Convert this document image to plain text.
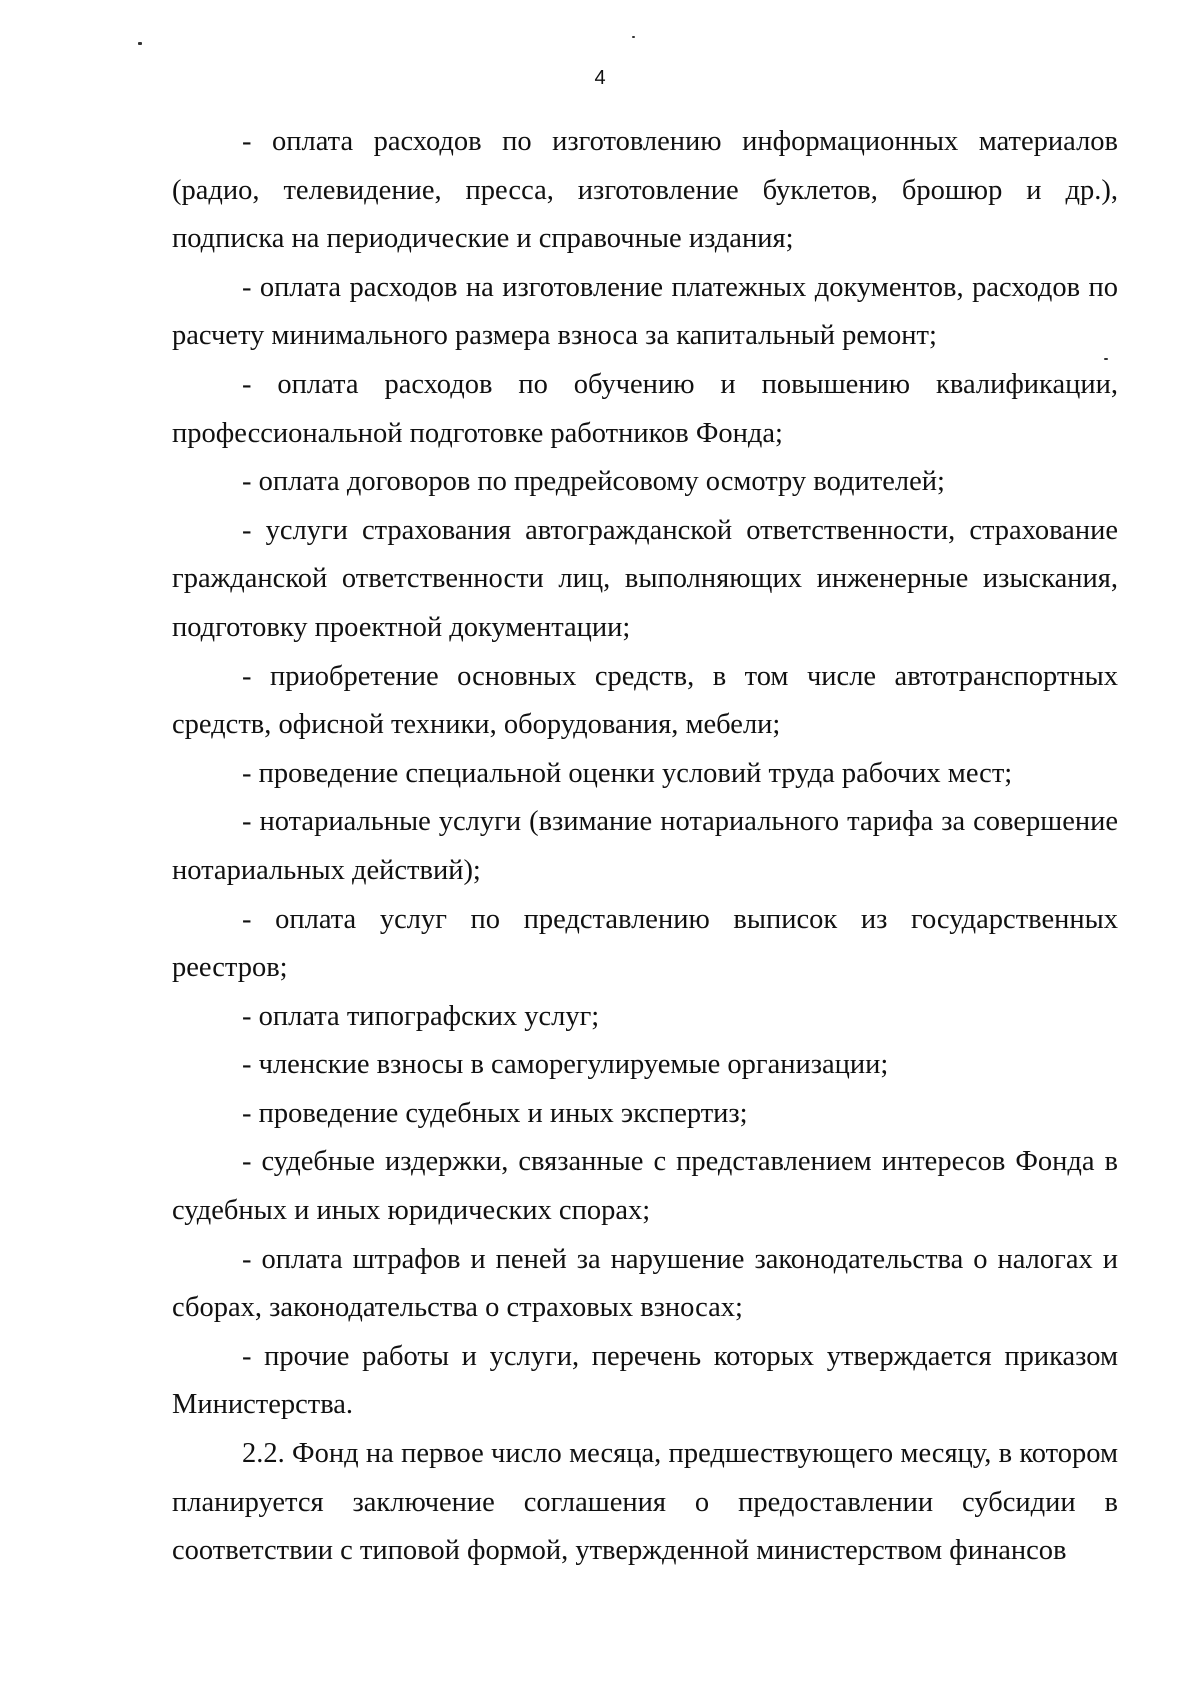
4

- оплата расходов по изготовлению информационных материалов (радио, телевидение, пресса, изготовление буклетов, брошюр и др.), подписка на периодические и справочные издания;

- оплата расходов на изготовление платежных документов, расходов по расчету минимального размера взноса за капитальный ремонт;

- оплата расходов по обучению и повышению квалификации, профессиональной подготовке работников Фонда;

- оплата договоров по предрейсовому осмотру водителей;

- услуги страхования автогражданской ответственности, страхование гражданской ответственности лиц, выполняющих инженерные изыскания, подготовку проектной документации;

- приобретение основных средств, в том числе автотранспортных средств, офисной техники, оборудования, мебели;

- проведение специальной оценки условий труда рабочих мест;

- нотариальные услуги (взимание нотариального тарифа за совершение нотариальных действий);

- оплата услуг по представлению выписок из государственных реестров;

- оплата типографских услуг;

- членские взносы в саморегулируемые организации;

- проведение судебных и иных экспертиз;

- судебные издержки, связанные с представлением интересов Фонда в судебных и иных юридических спорах;

- оплата штрафов и пеней за нарушение законодательства о налогах и сборах, законодательства о страховых взносах;

- прочие работы и услуги, перечень которых утверждается приказом Министерства.

2.2. Фонд на первое число месяца, предшествующего месяцу, в котором планируется заключение соглашения о предоставлении субсидии в соответствии с типовой формой, утвержденной министерством финансов
